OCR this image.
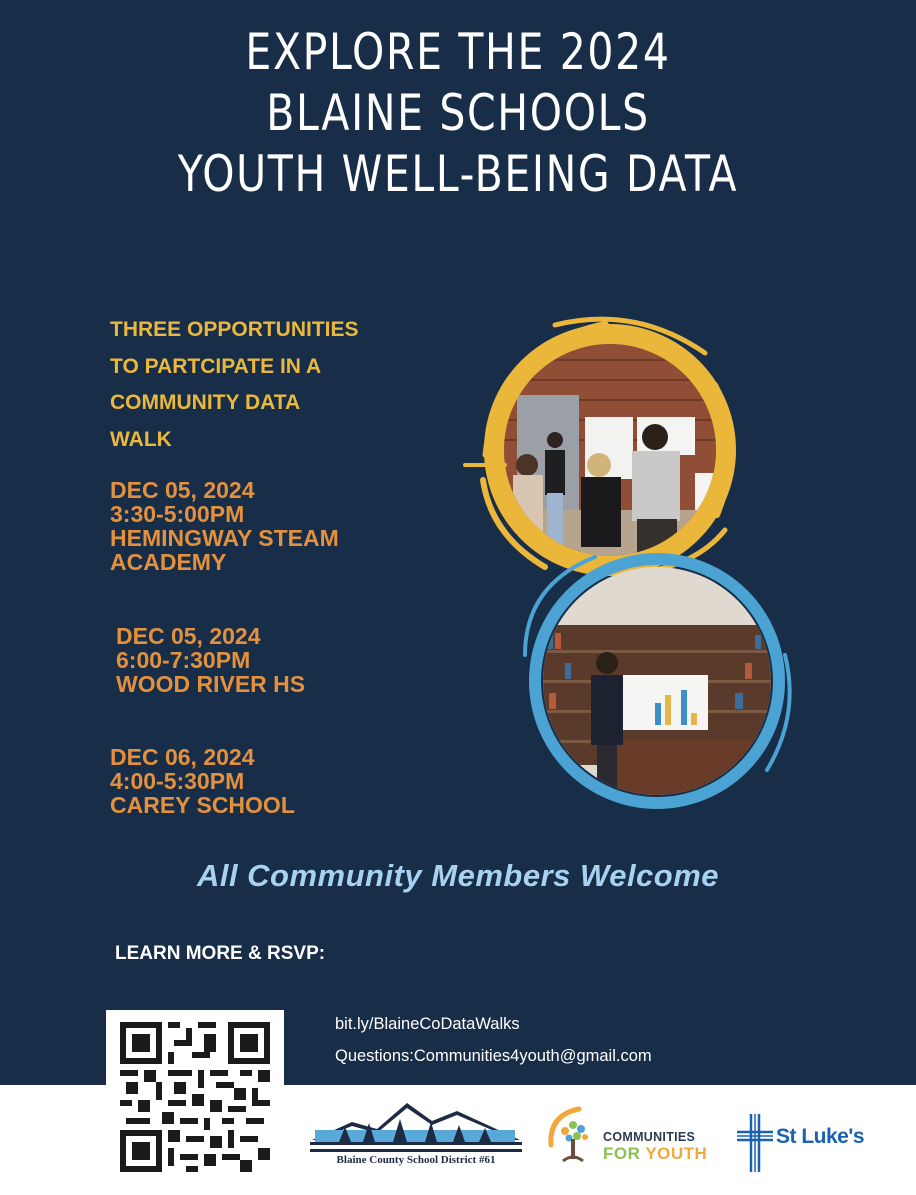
EXPLORE THE 2024
BLAINE SCHOOLS
YOUTH WELL-BEING DATA
THREE OPPORTUNITIES
TO PARTCIPATE IN A
COMMUNITY DATA
WALK
DEC 05, 2024
3:30-5:00PM
HEMINGWAY STEAM
ACADEMY
DEC 05, 2024
6:00-7:30PM
WOOD RIVER HS
DEC 06, 2024
4:00-5:30PM
CAREY SCHOOL
All Community Members Welcome
LEARN MORE & RSVP:
bit.ly/BlaineCoDataWalks
Questions:Communities4youth@gmail.com
Blaine County School District #61
COMMUNITIES
FOR YOUTH
St Luke's
